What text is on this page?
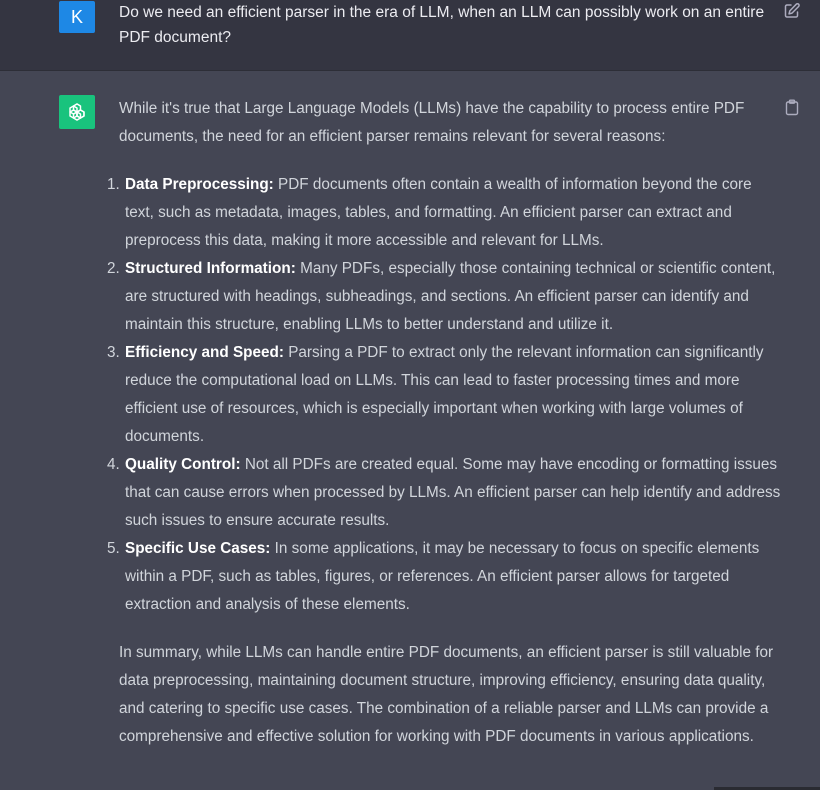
K	Do we need an efficient parser in the era of LLM, when an LLM can possibly work on an entire PDF document?

While it's true that Large Language Models (LLMs) have the capability to process entire PDF documents, the need for an efficient parser remains relevant for several reasons:

1. Data Preprocessing: PDF documents often contain a wealth of information beyond the core text, such as metadata, images, tables, and formatting. An efficient parser can extract and preprocess this data, making it more accessible and relevant for LLMs.
2. Structured Information: Many PDFs, especially those containing technical or scientific content, are structured with headings, subheadings, and sections. An efficient parser can identify and maintain this structure, enabling LLMs to better understand and utilize it.
3. Efficiency and Speed: Parsing a PDF to extract only the relevant information can significantly reduce the computational load on LLMs. This can lead to faster processing times and more efficient use of resources, which is especially important when working with large volumes of documents.
4. Quality Control: Not all PDFs are created equal. Some may have encoding or formatting issues that can cause errors when processed by LLMs. An efficient parser can help identify and address such issues to ensure accurate results.
5. Specific Use Cases: In some applications, it may be necessary to focus on specific elements within a PDF, such as tables, figures, or references. An efficient parser allows for targeted extraction and analysis of these elements.

In summary, while LLMs can handle entire PDF documents, an efficient parser is still valuable for data preprocessing, maintaining document structure, improving efficiency, ensuring data quality, and catering to specific use cases. The combination of a reliable parser and LLMs can provide a comprehensive and effective solution for working with PDF documents in various applications.
